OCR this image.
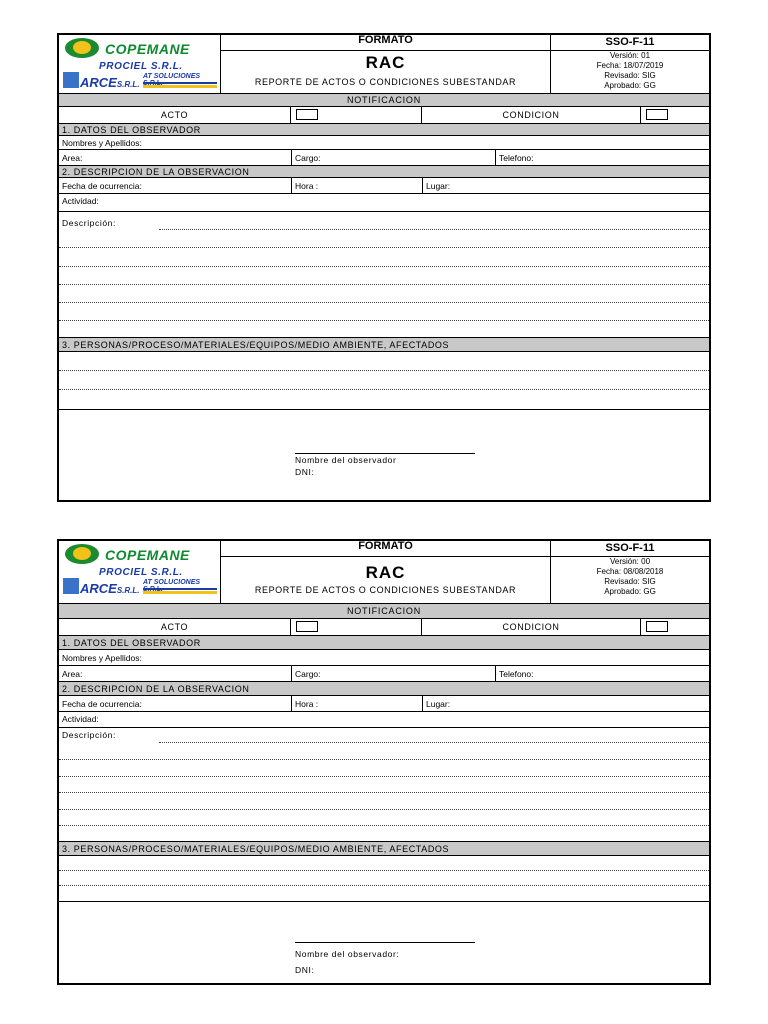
COPEMANE
PROCIEL S.R.L.
ARCES.R.L.
AT SOLUCIONES
FORMATO
RAC
REPORTE DE ACTOS O CONDICIONES SUBESTANDAR
SSO-F-11
Versión: 01
Fecha: 18/07/2019
Revisado: SIG
Aprobado: GG
NOTIFICACION
ACTO	CONDICION
1. DATOS DEL OBSERVADOR
Nombres y Apellidos:
Area:	Cargo:	Telefono:
2. DESCRIPCION DE LA OBSERVACION
Fecha de ocurrencia:	Hora :	Lugar:
Actividad:
Descripción:
3. PERSONAS/PROCESO/MATERIALES/EQUIPOS/MEDIO AMBIENTE, AFECTADOS
Nombre del observador
DNI:
COPEMANE
PROCIEL S.R.L.
ARCES.R.L.
AT SOLUCIONES
FORMATO
RAC
REPORTE DE ACTOS O CONDICIONES SUBESTANDAR
SSO-F-11
Versión: 00
Fecha: 08/08/2018
Revisado: SIG
Aprobado: GG
NOTIFICACION
ACTO	CONDICION
1. DATOS DEL OBSERVADOR
Nombres y Apellidos:
Area:	Cargo:	Telefono:
2. DESCRIPCION DE LA OBSERVACION
Fecha de ocurrencia:	Hora :	Lugar:
Actividad:
Descripción:
3. PERSONAS/PROCESO/MATERIALES/EQUIPOS/MEDIO AMBIENTE, AFECTADOS
Nombre del observador:
DNI:
